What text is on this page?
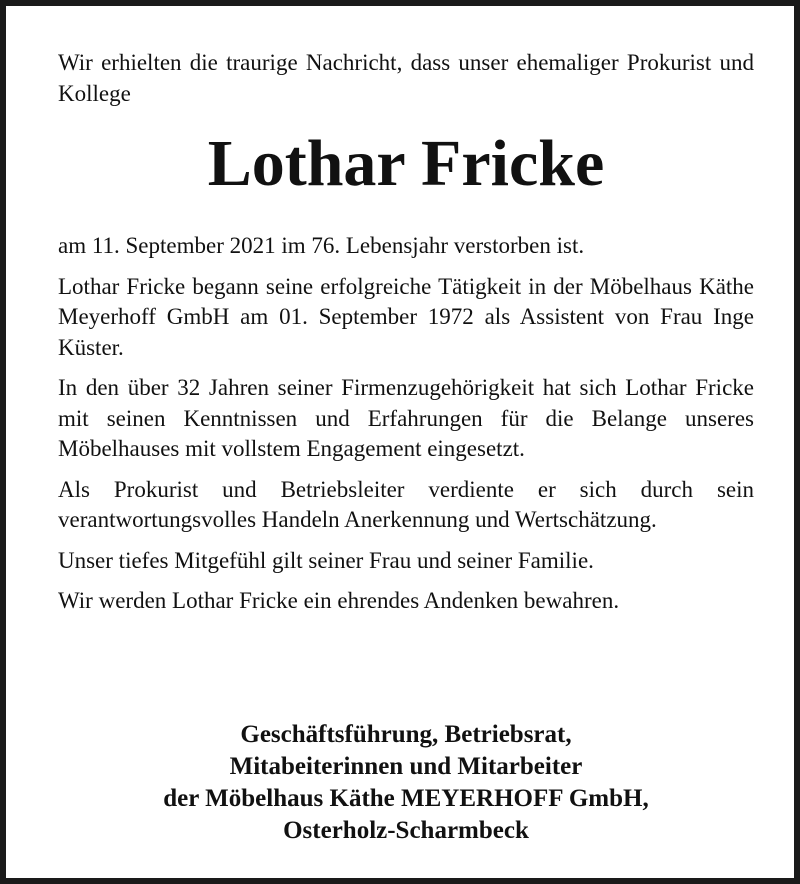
Wir erhielten die traurige Nachricht, dass unser ehemaliger Prokurist und Kollege

Lothar Fricke

am 11. September 2021 im 76. Lebensjahr verstorben ist.

Lothar Fricke begann seine erfolgreiche Tätigkeit in der Möbelhaus Käthe Meyerhoff GmbH am 01. September 1972 als Assistent von Frau Inge Küster.

In den über 32 Jahren seiner Firmenzugehörigkeit hat sich Lothar Fricke mit seinen Kenntnissen und Erfahrungen für die Belange unseres Möbelhauses mit vollstem Engagement eingesetzt.

Als Prokurist und Betriebsleiter verdiente er sich durch sein verantwortungsvolles Handeln Anerkennung und Wertschätzung.

Unser tiefes Mitgefühl gilt seiner Frau und seiner Familie.

Wir werden Lothar Fricke ein ehrendes Andenken bewahren.

Geschäftsführung, Betriebsrat,
Mitabeiterinnen und Mitarbeiter
der Möbelhaus Käthe MEYERHOFF GmbH,
Osterholz-Scharmbeck
